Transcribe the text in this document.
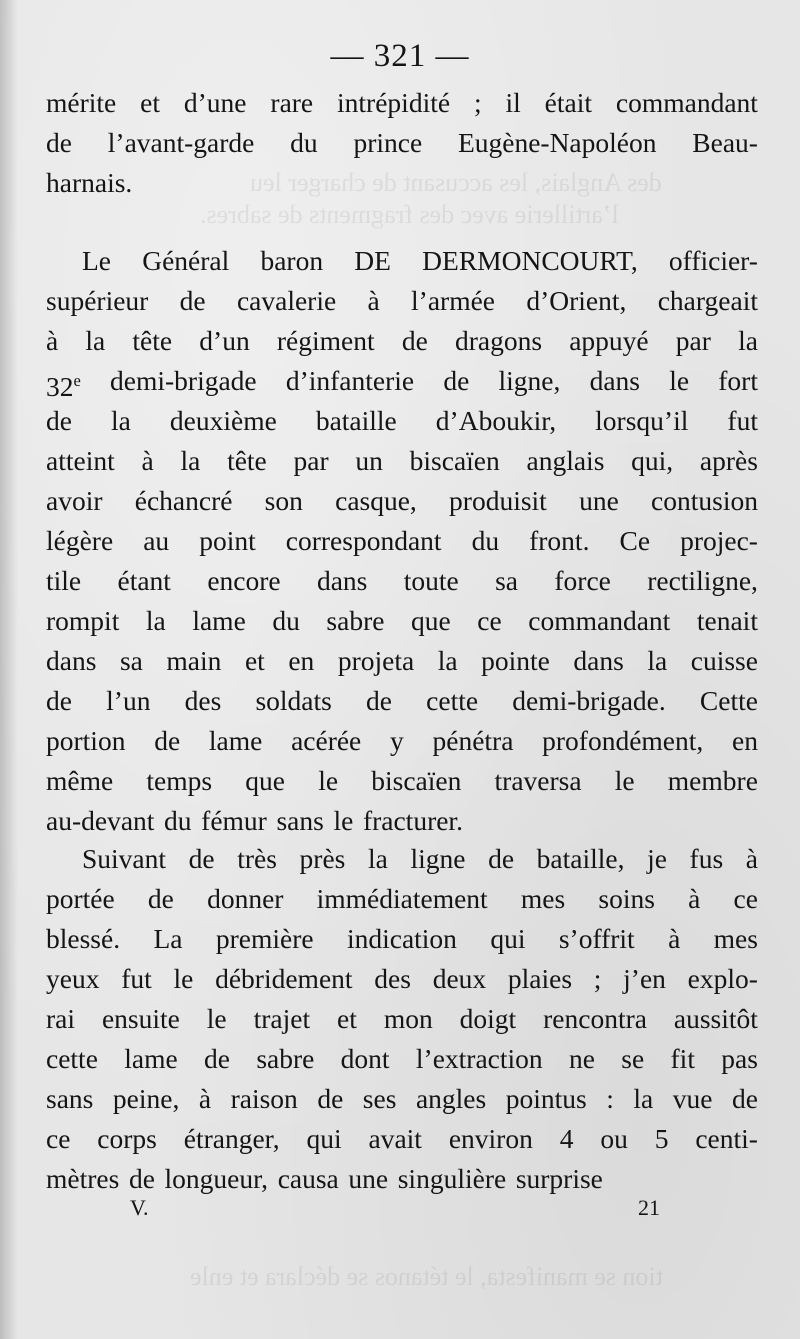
des Anglais, les accusant de charger leu
l’artillerie avec des fragments de sabres.
tion se manifesta, le tétanos se déclara et enle
— 321 —
mérite et d’une rare intrépidité ; il était commandant
de l’avant-garde du prince Eugène-Napoléon Beau-
harnais.
Le Général baron DE DERMONCOURT, officier-
supérieur de cavalerie à l’armée d’Orient, chargeait
à la tête d’un régiment de dragons appuyé par la
32e demi-brigade d’infanterie de ligne, dans le fort
de la deuxième bataille d’Aboukir, lorsqu’il fut
atteint à la tête par un biscaïen anglais qui, après
avoir échancré son casque, produisit une contusion
légère au point correspondant du front. Ce projec-
tile étant encore dans toute sa force rectiligne,
rompit la lame du sabre que ce commandant tenait
dans sa main et en projeta la pointe dans la cuisse
de l’un des soldats de cette demi-brigade. Cette
portion de lame acérée y pénétra profondément, en
même temps que le biscaïen traversa le membre
au-devant du fémur sans le fracturer.
Suivant de très près la ligne de bataille, je fus à
portée de donner immédiatement mes soins à ce
blessé. La première indication qui s’offrit à mes
yeux fut le débridement des deux plaies ; j’en explo-
rai ensuite le trajet et mon doigt rencontra aussitôt
cette lame de sabre dont l’extraction ne se fit pas
sans peine, à raison de ses angles pointus : la vue de
ce corps étranger, qui avait environ 4 ou 5 centi-
mètres de longueur, causa une singulière surprise
V.	21
